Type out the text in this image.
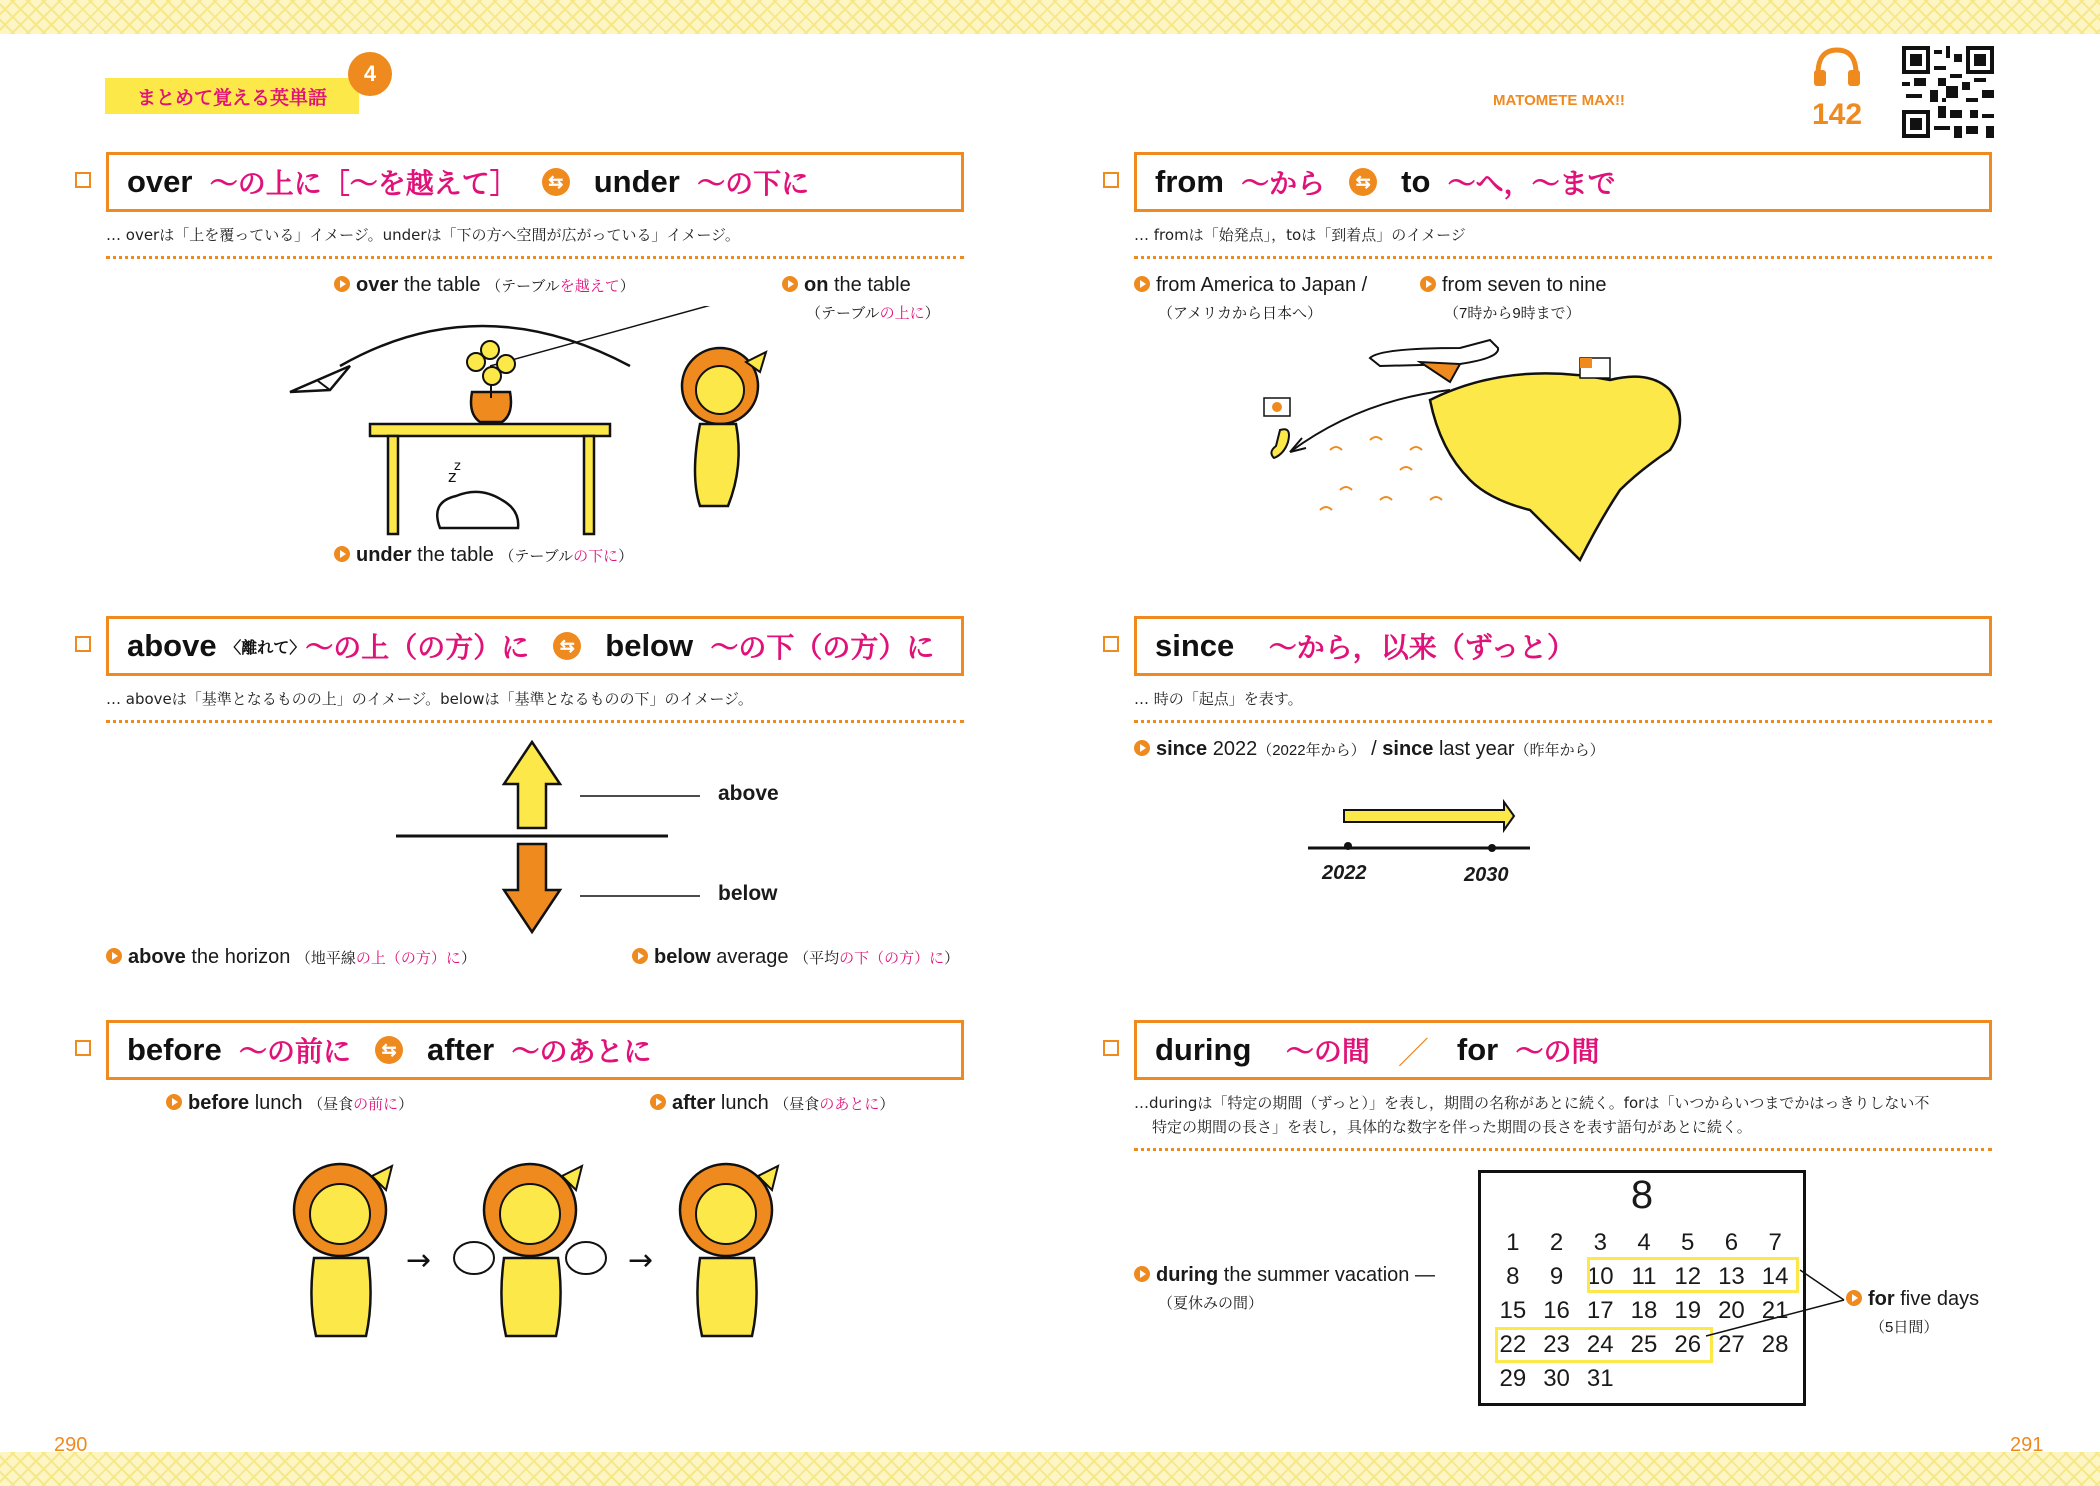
まとめて覚える英単語
4
MATOMETE MAX!!	142
over
〜の上に［〜を越えて］	⇆ under
〜の下に
… overは「上を覆っている」イメージ。underは「下の方へ空間が広がっている」イメージ。
over the table （テーブルを越えて）	on the table
（テーブルの上に）
z
z
under the table （テーブルの下に）
above
〈離れて〉 〜の上（の方）に	⇆ below
〜の下（の方）に
… aboveは「基準となるものの上」のイメージ。belowは「基準となるものの下」のイメージ。
above
below
above the horizon （地平線の上（の方）に）	below average （平均の下（の方）に）
before
〜の前に	⇆ after
〜のあとに
before lunch （昼食の前に）	after lunch （昼食のあとに）
→	→
from
〜から	⇆ to
〜へ，〜まで
… fromは「始発点」，toは「到着点」のイメージ
from America to Japan /
（アメリカから日本へ）
from seven to nine
（7時から9時まで）
since
〜から，以来（ずっと）
… 時の「起点」を表す。
since 2022（2022年から） / since last year（昨年から）
2022	2030
during
〜の間 ／ for
〜の間
…duringは「特定の期間（ずっと）」を表し，期間の名称があとに続く。forは「いつからいつまでかはっきりしない不
特定の期間の長さ」を表し，具体的な数字を伴った期間の長さを表す語句があとに続く。
during the summer vacation —
（夏休みの間）	for five days
（5日間）
8
1	2	3	4	5	6	7
8	9 10 11 12 13 14
15 16 17 18 19 20 21
22 23 24 25 26 27 28
29 30 31
290	291
